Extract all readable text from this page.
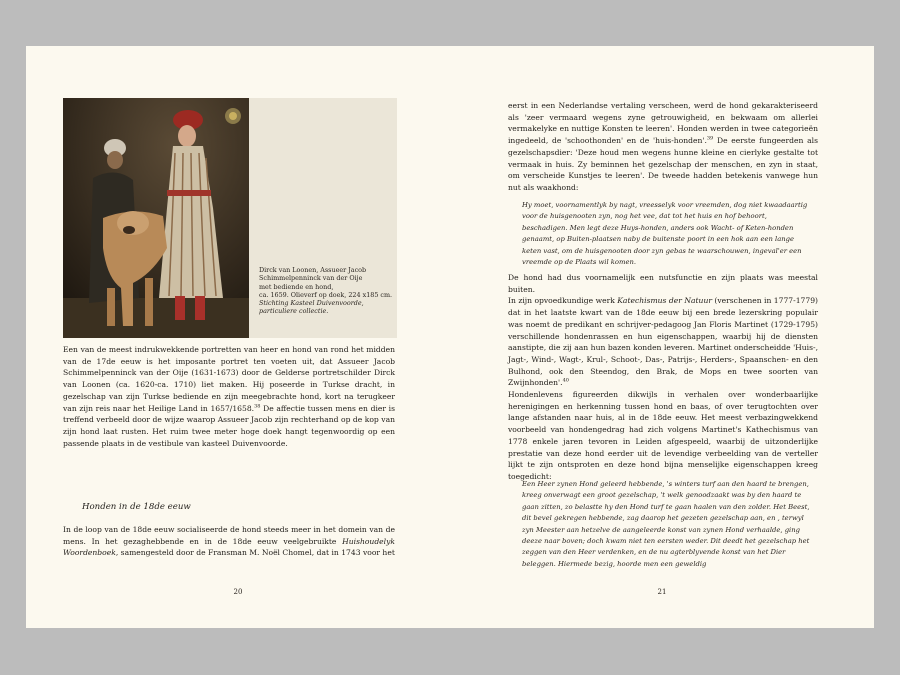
Dirck van Loonen, Assueer Jacob
Schimmelpenninck van der Oije
met bediende en hond,
ca. 1659. Olieverf op doek, 224 x185 cm.
Stichting Kasteel Duivenvoorde,
particuliere collectie.

Een van de meest indrukwekkende portretten van heer en hond van rond het midden van de 17de eeuw is het imposante portret ten voeten uit, dat Assueer Jacob Schimmelpenninck van der Oije (1631-1673) door de Gelderse portretschilder Dirck van Loonen (ca. 1620-ca. 1710) liet maken. Hij poseerde in Turkse dracht, in gezelschap van zijn Turkse bediende en zijn meegebrachte hond, kort na terugkeer van zijn reis naar het Heilige Land in 1657/1658.38 De affectie tussen mens en dier is treffend verbeeld door de wijze waarop Assueer Jacob zijn rechterhand op de kop van zijn hond laat rusten. Het ruim twee meter hoge doek hangt tegenwoordig op een passende plaats in de vestibule van kasteel Duivenvoorde.

Honden in de 18de eeuw

In de loop van de 18de eeuw socialiseerde de hond steeds meer in het domein van de mens. In het gezaghebbende en in de 18de eeuw veelgebruikte Huishoudelyk Woordenboek, samengesteld door de Fransman M. Noël Chomel, dat in 1743 voor het

20

eerst in een Nederlandse vertaling verscheen, werd de hond gekarakteriseerd als 'zeer vermaard wegens zyne getrouwigheid, en bekwaam om allerlei vermakelyke en nuttige Konsten te leeren'. Honden werden in twee categorieën ingedeeld, de 'schoothonden' en de 'huis-honden'.$^{39}$ De eerste fungeerden als gezelschapsdier: 'Deze houd men wegens hunne kleine en cierlyke gestalte tot vermaak in huis. Zy beminnen het gezelschap der menschen, en zyn in staat, om verscheide Kunstjes te leeren'. De tweede hadden betekenis vanwege hun nut als waakhond:

Hy moet, voornamentlyk by nagt, vreesselyk voor vreemden, dog niet kwaadaartig voor de huisgenooten zyn, nog het vee, dat tot het huis en hof behoort, beschadigen. Men legt deze Huys-honden, anders ook Wacht- of Keten-honden genaamt, op Buiten-plaatsen naby de buitenste poort in een hok aan een lange keten vast, om de huisgenooten door zyn gebas te waarschouwen, ingeval'er een vreemde op de Plaats wil komen.

De hond had dus voornamelijk een nutsfunctie en zijn plaats was meestal buiten.

In zijn opvoedkundige werk Katechismus der Natuur (verschenen in 1777-1779) dat in het laatste kwart van de 18de eeuw bij een brede lezerskring populair was noemt de predikant en schrijver-pedagoog Jan Floris Martinet (1729-1795) verschillende hondenrassen en hun eigenschappen, waarbij hij de diensten aanstipte, die zij aan hun bazen konden leveren. Martinet onderscheidde 'Huis-, Jagt-, Wind-, Wagt-, Krul-, Schoot-, Das-, Patrijs-, Herders-, Spaanschen- en den Bulhond, ook den Steendog, den Brak, de Mops en twee soorten van Zwijnhonden'.$^{40}$

Hondenlevens figureerden dikwijls in verhalen over wonderbaarlijke herenigingen en herkenning tussen hond en baas, of over terugtochten over lange afstanden naar huis, al in de 18de eeuw. Het meest verbazingwekkend voorbeeld van hondengedrag had zich volgens Martinet's Kathechismus van 1778 enkele jaren tevoren in Leiden afgespeeld, waarbij de uitzonderlijke prestatie van deze hond eerder uit de levendige verbeelding van de verteller lijkt te zijn ontsproten en deze hond bijna menselijke eigenschappen kreeg toegedicht:

Een Heer zynen Hond geleerd hebbende, 's winters turf aan den haard te brengen, kreeg onverwagt een groot gezelschap, 't welk genoodzaakt was by den haard te gaan zitten, zo belastte hy den Hond turf te gaan haalen van den zolder. Het Beest, dit bevel gekregen hebbende, zag daarop het gezeten gezelschap aan, en , terwyl zyn Meester aan hetzelve de aangeleerde konst van zynen Hond verhaalde, ging deeze naar boven; doch kwam niet ten eersten weder. Dit deedt het gezelschap het zeggen van den Heer verdenken, en de nu agterblyvende konst van het Dier beleggen. Hiermede bezig, hoorde men een geweldig
21
